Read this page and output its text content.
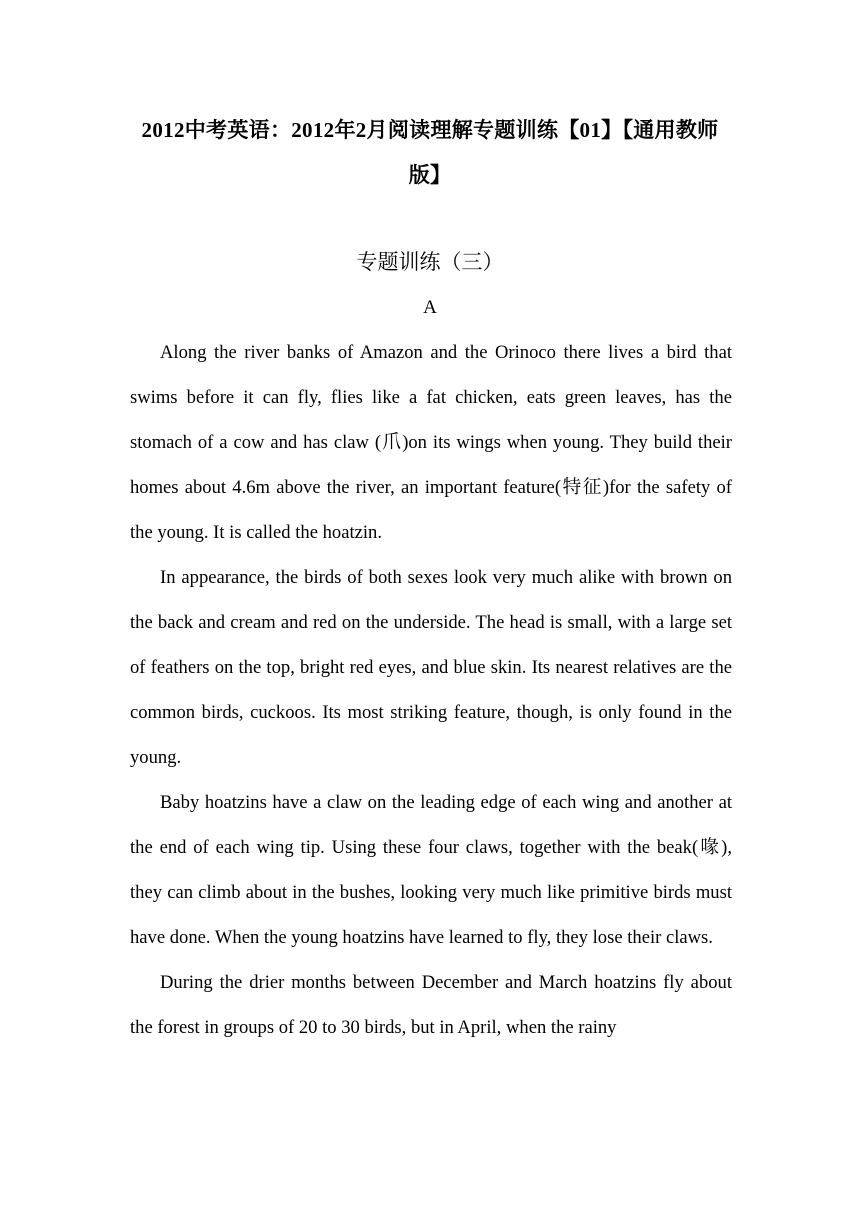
2012中考英语：2012年2月阅读理解专题训练【01】【通用教师版】
专题训练（三）
A

Along the river banks of Amazon and the Orinoco there lives a bird that swims before it can fly, flies like a fat chicken, eats green leaves, has the stomach of a cow and has claw (爪)on its wings when young. They build their homes about 4.6m above the river, an important feature(特征)for the safety of the young. It is called the hoatzin.

In appearance, the birds of both sexes look very much alike with brown on the back and cream and red on the underside. The head is small, with a large set of feathers on the top, bright red eyes, and blue skin. Its nearest relatives are the common birds, cuckoos. Its most striking feature, though, is only found in the young.

Baby hoatzins have a claw on the leading edge of each wing and another at the end of each wing tip. Using these four claws, together with the beak(喙), they can climb about in the bushes, looking very much like primitive birds must have done. When the young hoatzins have learned to fly, they lose their claws.

During the drier months between December and March hoatzins fly about the forest in groups of 20 to 30 birds, but in April, when the rainy
